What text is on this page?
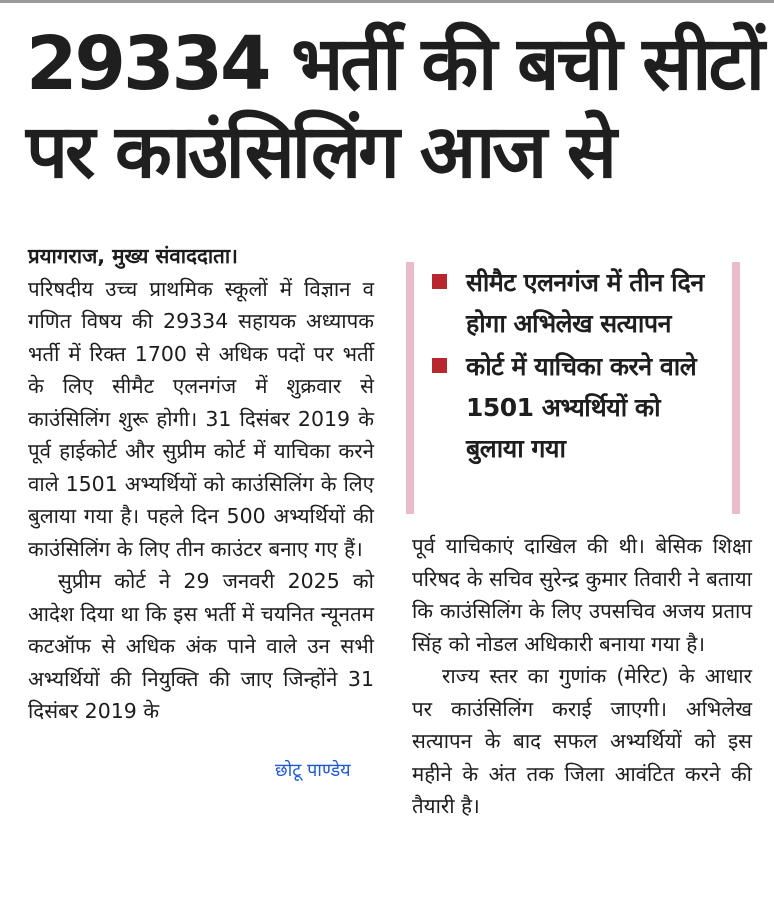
29334 भर्ती की बची सीटों
पर काउंसिलिंग आज से

प्रयागराज, मुख्य संवाददाता।

परिषदीय उच्च प्राथमिक स्कूलों में विज्ञान व गणित विषय की 29334 सहायक अध्यापक भर्ती में रिक्त 1700 से अधिक पदों पर भर्ती के लिए सीमैट एलनगंज में शुक्रवार से काउंसिलिंग शुरू होगी। 31 दिसंबर 2019 के पूर्व हाईकोर्ट और सुप्रीम कोर्ट में याचिका करने वाले 1501 अभ्यर्थियों को काउंसिलिंग के लिए बुलाया गया है। पहले दिन 500 अभ्यर्थियों की काउंसिलिंग के लिए तीन काउंटर बनाए गए हैं।

सुप्रीम कोर्ट ने 29 जनवरी 2025 को आदेश दिया था कि इस भर्ती में चयनित न्यूनतम कटऑफ से अधिक अंक पाने वाले उन सभी अभ्यर्थियों की नियुक्ति की जाए जिन्होंने 31 दिसंबर 2019 के

सीमैट एलनगंज में तीन दिन होगा अभिलेख सत्यापन
कोर्ट में याचिका करने वाले 1501 अभ्यर्थियों को बुलाया गया

पूर्व याचिकाएं दाखिल की थी। बेसिक शिक्षा परिषद के सचिव सुरेन्द्र कुमार तिवारी ने बताया कि काउंसिलिंग के लिए उपसचिव अजय प्रताप सिंह को नोडल अधिकारी बनाया गया है।

राज्य स्तर का गुणांक (मेरिट) के आधार पर काउंसिलिंग कराई जाएगी। अभिलेख सत्यापन के बाद सफल अभ्यर्थियों को इस महीने के अंत तक जिला आवंटित करने की तैयारी है।

छोटू पाण्डेय
